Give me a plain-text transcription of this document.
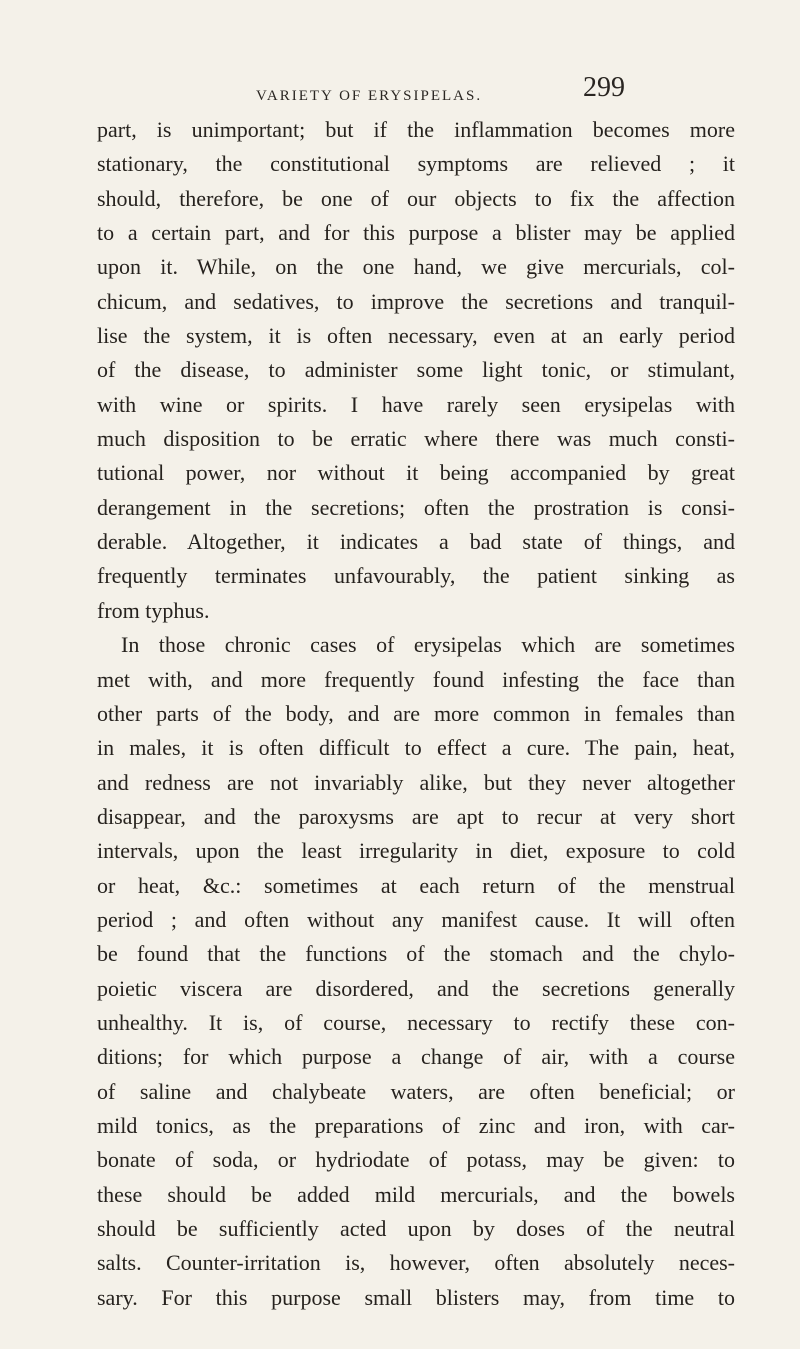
VARIETY OF ERYSIPELAS.	299
part, is unimportant; but if the inflammation becomes more
stationary, the constitutional symptoms are relieved ; it
should, therefore, be one of our objects to fix the affection
to a certain part, and for this purpose a blister may be applied
upon it. While, on the one hand, we give mercurials, col-
chicum, and sedatives, to improve the secretions and tranquil-
lise the system, it is often necessary, even at an early period
of the disease, to administer some light tonic, or stimulant,
with wine or spirits. I have rarely seen erysipelas with
much disposition to be erratic where there was much consti-
tutional power, nor without it being accompanied by great
derangement in the secretions; often the prostration is consi-
derable. Altogether, it indicates a bad state of things, and
frequently terminates unfavourably, the patient sinking as
from typhus.
In those chronic cases of erysipelas which are sometimes
met with, and more frequently found infesting the face than
other parts of the body, and are more common in females than
in males, it is often difficult to effect a cure. The pain, heat,
and redness are not invariably alike, but they never altogether
disappear, and the paroxysms are apt to recur at very short
intervals, upon the least irregularity in diet, exposure to cold
or heat, &c.: sometimes at each return of the menstrual
period ; and often without any manifest cause. It will often
be found that the functions of the stomach and the chylo-
poietic viscera are disordered, and the secretions generally
unhealthy. It is, of course, necessary to rectify these con-
ditions; for which purpose a change of air, with a course
of saline and chalybeate waters, are often beneficial; or
mild tonics, as the preparations of zinc and iron, with car-
bonate of soda, or hydriodate of potass, may be given: to
these should be added mild mercurials, and the bowels
should be sufficiently acted upon by doses of the neutral
salts. Counter-irritation is, however, often absolutely neces-
sary. For this purpose small blisters may, from time to
